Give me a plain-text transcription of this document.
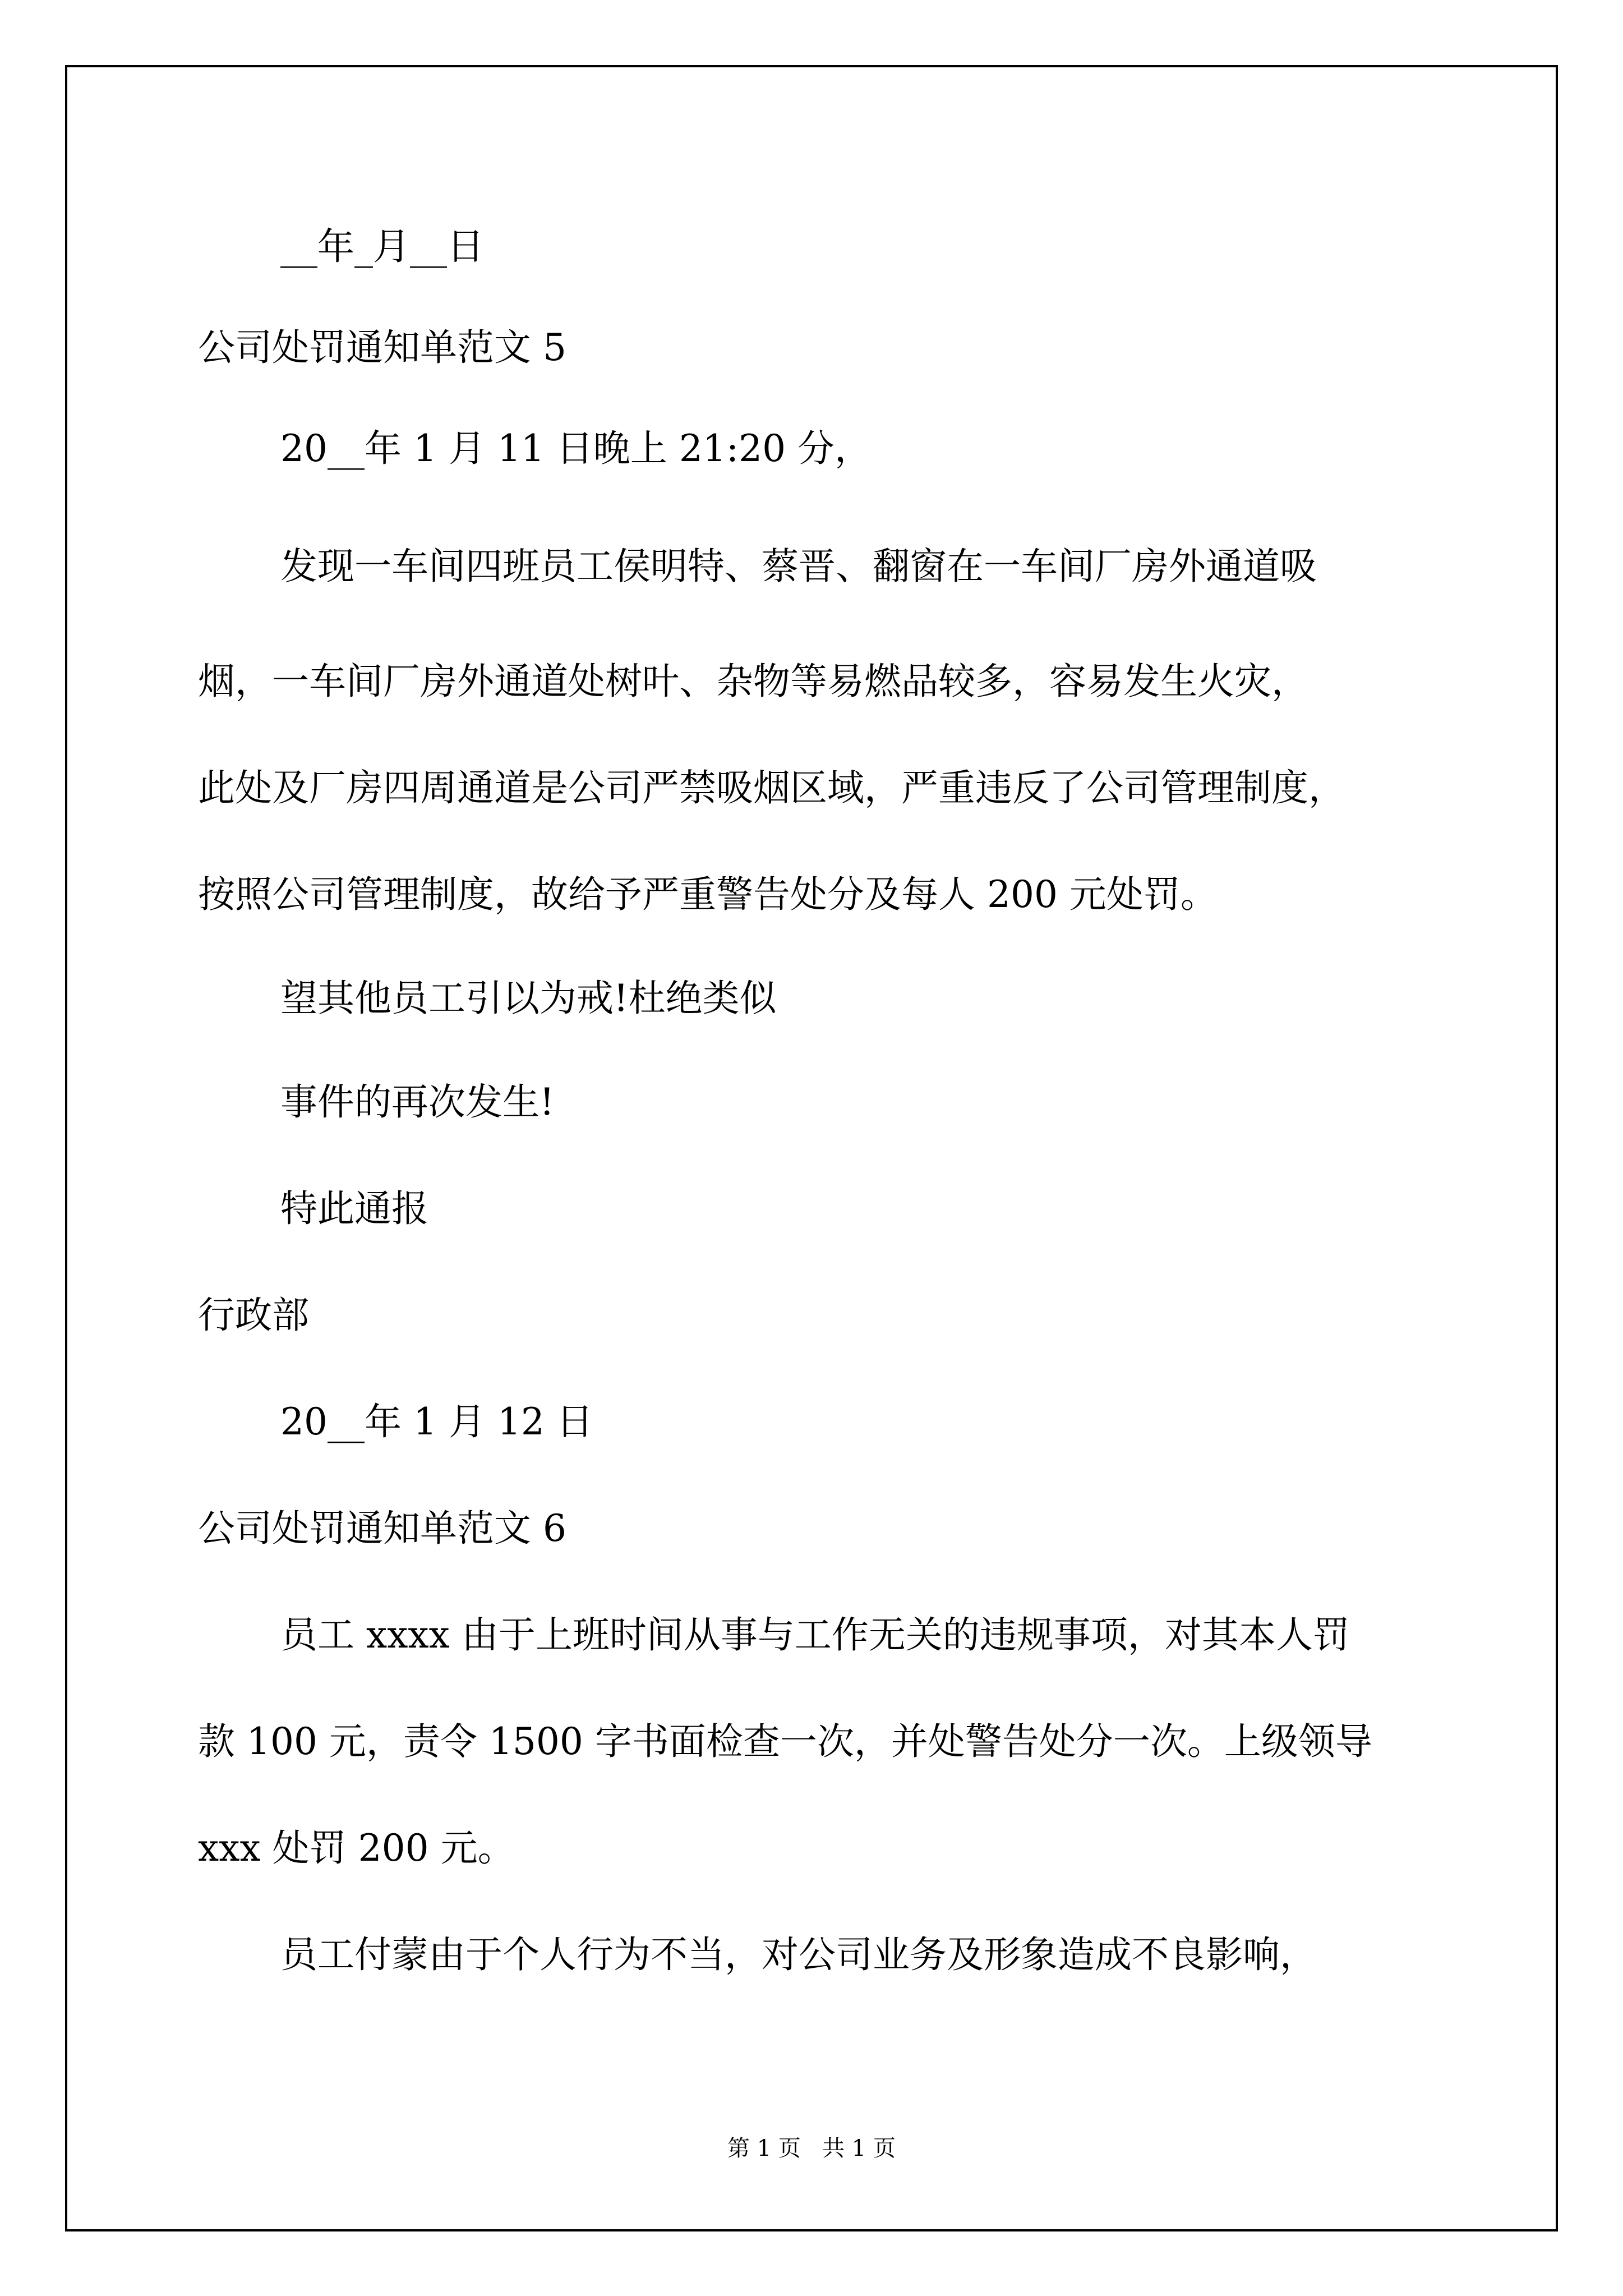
__年_月__日
公司处罚通知单范文 5
20__年 1 月 11 日晚上 21:20 分，
发现一车间四班员工侯明特、蔡晋、翻窗在一车间厂房外通道吸
烟，一车间厂房外通道处树叶、杂物等易燃品较多，容易发生火灾，
此处及厂房四周通道是公司严禁吸烟区域，严重违反了公司管理制度，
按照公司管理制度，故给予严重警告处分及每人 200 元处罚。
望其他员工引以为戒!杜绝类似
事件的再次发生!
特此通报
行政部
20__年 1 月 12 日
公司处罚通知单范文 6
员工 xxxx 由于上班时间从事与工作无关的违规事项，对其本人罚
款 100 元，责令 1500 字书面检查一次，并处警告处分一次。上级领导
xxx 处罚 200 元。
员工付蒙由于个人行为不当，对公司业务及形象造成不良影响，
第 1 页   共 1 页
